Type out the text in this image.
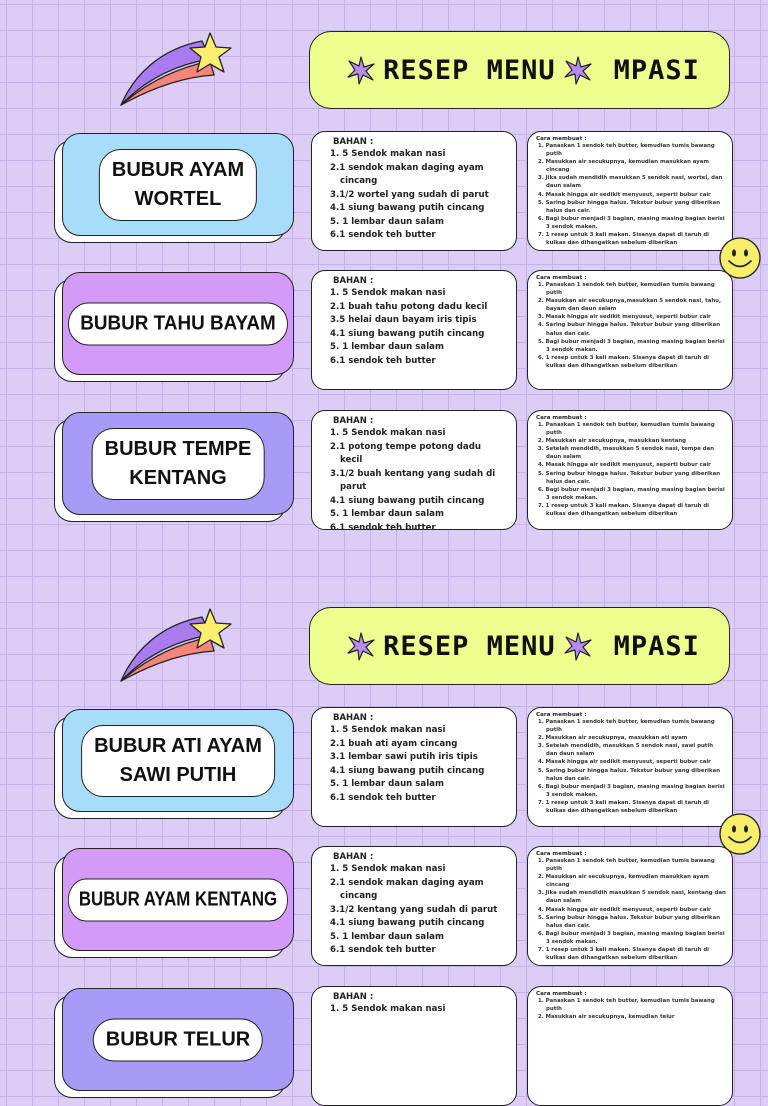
RESEP MENU MPASI
BUBUR AYAM
WORTEL
BAHAN :
1. 5 Sendok makan nasi
2.1 sendok makan daging ayam cincang
3.1/2 wortel yang sudah di parut
4.1 siung bawang putih cincang
5. 1 lembar daun salam
6.1 sendok teh butter
Cara membuat :
1. Panaskan 1 sendok teh butter, kemudian tumis bawang putih
2. Masukkan air secukupnya, kemudian masukkan ayam cincang
3. Jika sudah mendidih masukkan 5 sendok nasi, wortel, dan daun salam
4. Masak hingga air sedikit menyusut, seperti bubur cair
5. Saring bubur hingga halus. Tekstur bubur yang diberikan halus dan cair.
6. Bagi bubur menjadi 3 bagian, masing masing bagian berisi 3 sendok makan.
7. 1 resep untuk 3 kali makan. Sisanya dapat di taruh di kulkas dan dihangatkan sebelum diberikan
BUBUR TAHU BAYAM
BAHAN :
1. 5 Sendok makan nasi
2.1 buah tahu potong dadu kecil
3.5 helai daun bayam iris tipis
4.1 siung bawang putih cincang
5. 1 lembar daun salam
6.1 sendok teh butter
Cara membuat :
1. Panaskan 1 sendok teh butter, kemudian tumis bawang putih
2. Masukkan air secukupnya,masukkan 5 sendok nasi, tahu, bayam dan daun salam
3. Masak hingga air sedikit menyusut, seperti bubur cair
4. Saring bubur hingga halus. Tekstur bubur yang diberikan halus dan cair.
5. Bagi bubur menjadi 3 bagian, masing masing bagian berisi 3 sendok makan.
6. 1 resep untuk 3 kali makan. Sisanya dapat di taruh di kulkas dan dihangatkan sebelum diberikan
BUBUR TEMPE
KENTANG
BAHAN :
1. 5 Sendok makan nasi
2.1 potong tempe potong dadu kecil
3.1/2 buah kentang yang sudah di parut
4.1 siung bawang putih cincang
5. 1 lembar daun salam
6.1 sendok teh butter
Cara membuat :
1. Panaskan 1 sendok teh butter, kemudian tumis bawang putih
2. Masukkan air secukupnya, masukkan kentang
3. Setelah mendidih, masukkan 5 sendok nasi, tempe dan daun salam
4. Masak hingga air sedikit menyusut, seperti bubur cair
5. Saring bubur hingga halus. Tekstur bubur yang diberikan halus dan cair.
6. Bagi bubur menjadi 3 bagian, masing masing bagian berisi 3 sendok makan.
7. 1 resep untuk 3 kali makan. Sisanya dapat di taruh di kulkas dan dihangatkan sebelum diberikan
RESEP MENU MPASI
BUBUR ATI AYAM
SAWI PUTIH
BAHAN :
1. 5 Sendok makan nasi
2.1 buah ati ayam cincang
3.1 lembar sawi putih iris tipis
4.1 siung bawang putih cincang
5. 1 lembar daun salam
6.1 sendok teh butter
Cara membuat :
1. Panaskan 1 sendok teh butter, kemudian tumis bawang putih
2. Masukkan air secukupnya, masukkan ati ayam
3. Setelah mendidih, masukkan 5 sendok nasi, sawi putih dan daun salam
4. Masak hingga air sedikit menyusut, seperti bubur cair
5. Saring bubur hingga halus. Tekstur bubur yang diberikan halus dan cair.
6. Bagi bubur menjadi 3 bagian, masing masing bagian berisi 3 sendok makan.
7. 1 resep untuk 3 kali makan. Sisanya dapat di taruh di kulkas dan dihangatkan sebelum diberikan
BUBUR AYAM KENTANG
BAHAN :
1. 5 Sendok makan nasi
2.1 sendok makan daging ayam cincang
3.1/2 kentang yang sudah di parut
4.1 siung bawang putih cincang
5. 1 lembar daun salam
6.1 sendok teh butter
Cara membuat :
1. Panaskan 1 sendok teh butter, kemudian tumis bawang putih
2. Masukkan air secukupnya, kemudian masukkan ayam cincang
3. Jika sudah mendidih masukkan 5 sendok nasi, kentang dan daun salam
4. Masak hingga air sedikit menyusut, seperti bubur cair
5. Saring bubur hingga halus. Tekstur bubur yang diberikan halus dan cair.
6. Bagi bubur menjadi 3 bagian, masing masing bagian berisi 3 sendok makan.
7. 1 resep untuk 3 kali makan. Sisanya dapat di taruh di kulkas dan dihangatkan sebelum diberikan
BUBUR TELUR
BAHAN :
1. 5 Sendok makan nasi
Cara membuat :
1. Panaskan 1 sendok teh butter, kemudian tumis bawang putih
2. Masukkan air secukupnya, kemudian telur
